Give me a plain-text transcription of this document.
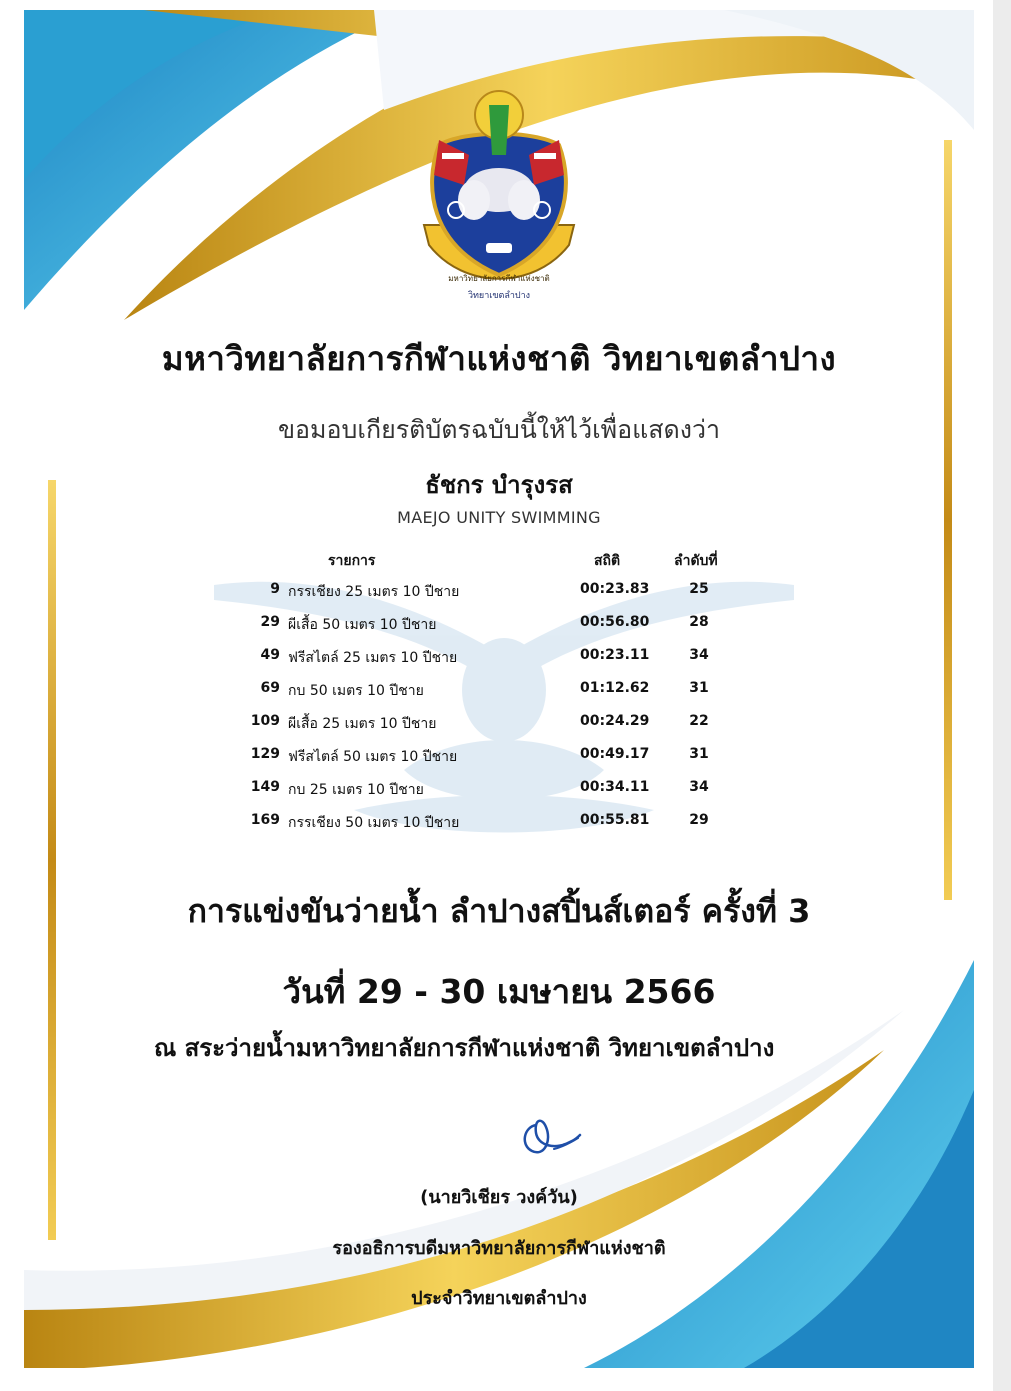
มหาวิทยาลัยการกีฬาแห่งชาติ
วิทยาเขตลำปาง
มหาวิทยาลัยการกีฬาแห่งชาติ วิทยาเขตลำปาง
ขอมอบเกียรติบัตรฉบับนี้ให้ไว้เพื่อแสดงว่า
ธัชกร บำรุงรส
MAEJO UNITY SWIMMING
รายการ	สถิติ	ลำดับที่
9 กรรเชียง 25 เมตร 10 ปีชาย	00:23.83	25
29 ผีเสื้อ 50 เมตร 10 ปีชาย	00:56.80	28
49 ฟรีสไตล์ 25 เมตร 10 ปีชาย	00:23.11	34
69 กบ 50 เมตร 10 ปีชาย	01:12.62	31
109 ผีเสื้อ 25 เมตร 10 ปีชาย	00:24.29	22
129 ฟรีสไตล์ 50 เมตร 10 ปีชาย	00:49.17	31
149 กบ 25 เมตร 10 ปีชาย	00:34.11	34
169 กรรเชียง 50 เมตร 10 ปีชาย	00:55.81	29
การแข่งขันว่ายน้ำ ลำปางสปิ้นส์เตอร์ ครั้งที่ 3
วันที่ 29 - 30 เมษายน 2566
ณ สระว่ายน้ำมหาวิทยาลัยการกีฬาแห่งชาติ วิทยาเขตลำปาง
(นายวิเชียร วงค์วัน)
รองอธิการบดีมหาวิทยาลัยการกีฬาแห่งชาติ
ประจำวิทยาเขตลำปาง
